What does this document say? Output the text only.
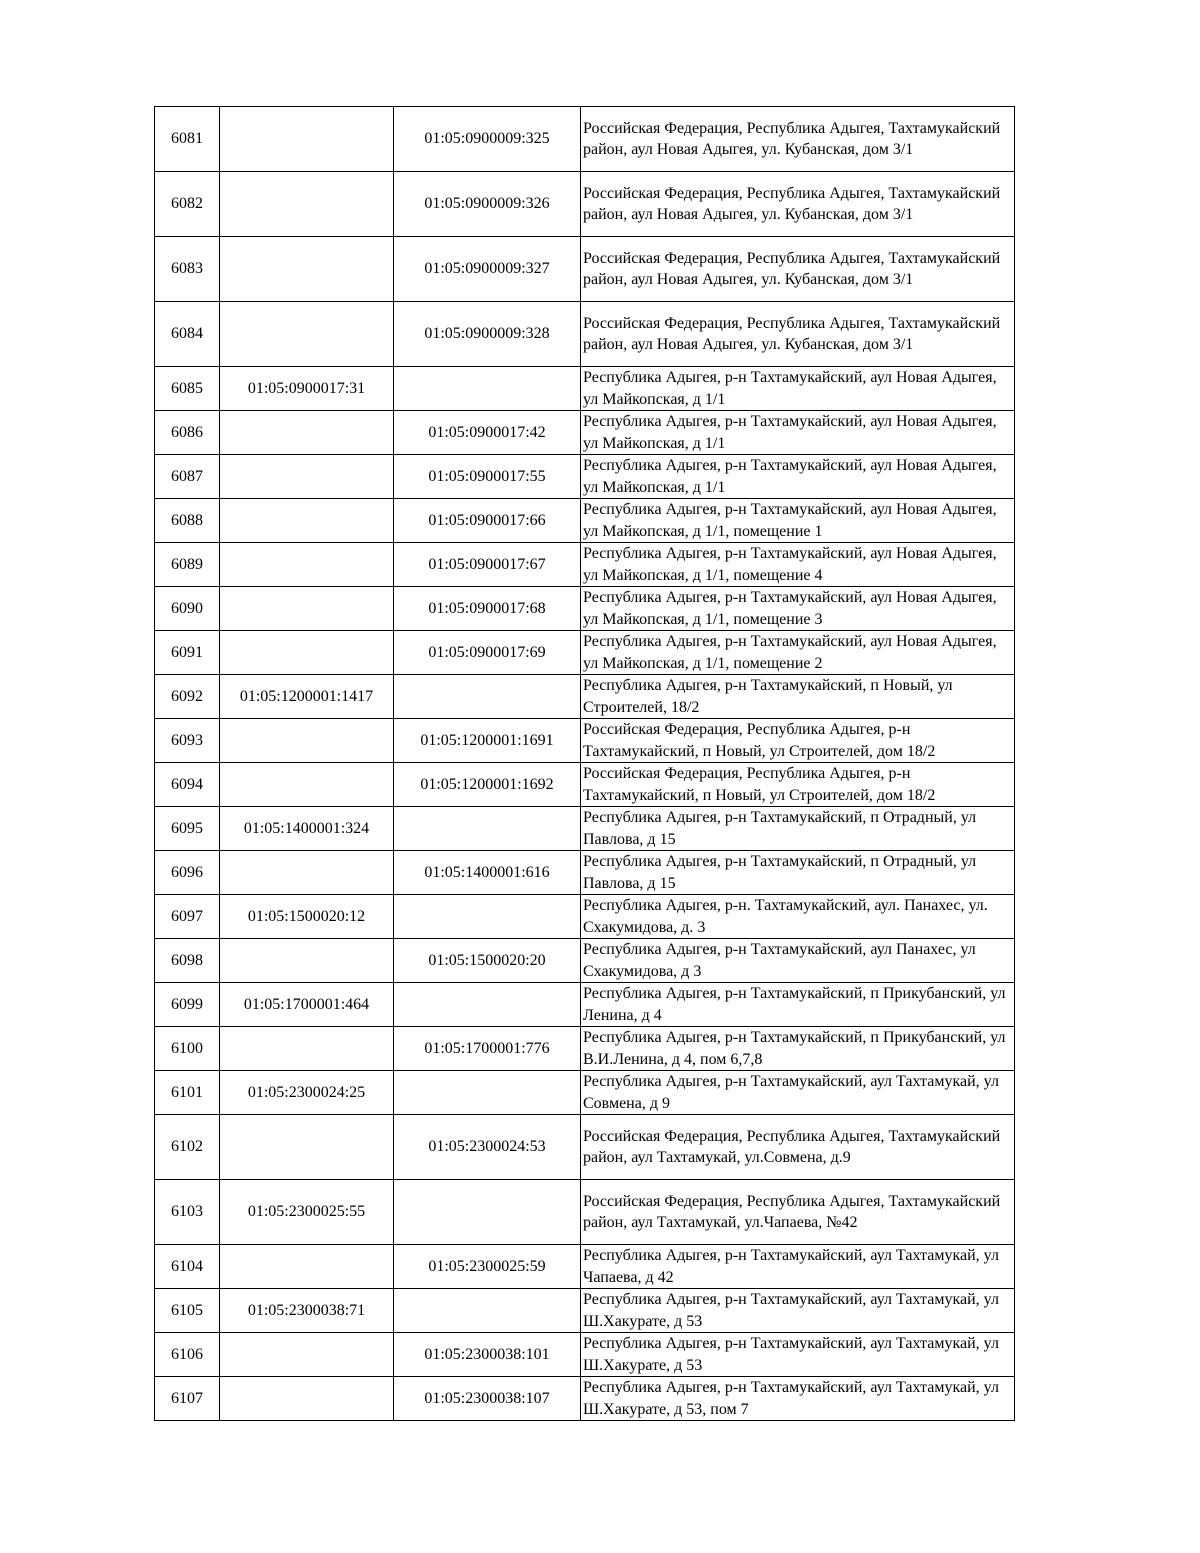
6081		01:05:0900009:325	Российская Федерация, Республика Адыгея, Тахтамукайский район, аул Новая Адыгея, ул. Кубанская, дом 3/1
6082		01:05:0900009:326	Российская Федерация, Республика Адыгея, Тахтамукайский район, аул Новая Адыгея, ул. Кубанская, дом 3/1
6083		01:05:0900009:327	Российская Федерация, Республика Адыгея, Тахтамукайский район, аул Новая Адыгея, ул. Кубанская, дом 3/1
6084		01:05:0900009:328	Российская Федерация, Республика Адыгея, Тахтамукайский район, аул Новая Адыгея, ул. Кубанская, дом 3/1
6085	01:05:0900017:31		Республика Адыгея, р-н Тахтамукайский, аул Новая Адыгея, ул Майкопская, д 1/1
6086		01:05:0900017:42	Республика Адыгея, р-н Тахтамукайский, аул Новая Адыгея, ул Майкопская, д 1/1
6087		01:05:0900017:55	Республика Адыгея, р-н Тахтамукайский, аул Новая Адыгея, ул Майкопская, д 1/1
6088		01:05:0900017:66	Республика Адыгея, р-н Тахтамукайский, аул Новая Адыгея, ул Майкопская, д 1/1, помещение 1
6089		01:05:0900017:67	Республика Адыгея, р-н Тахтамукайский, аул Новая Адыгея, ул Майкопская, д 1/1, помещение 4
6090		01:05:0900017:68	Республика Адыгея, р-н Тахтамукайский, аул Новая Адыгея, ул Майкопская, д 1/1, помещение 3
6091		01:05:0900017:69	Республика Адыгея, р-н Тахтамукайский, аул Новая Адыгея, ул Майкопская, д 1/1, помещение 2
6092	01:05:1200001:1417		Республика Адыгея, р-н Тахтамукайский, п Новый, ул Строителей, 18/2
6093		01:05:1200001:1691	Российская Федерация, Республика Адыгея, р-н Тахтамукайский, п Новый, ул Строителей, дом 18/2
6094		01:05:1200001:1692	Российская Федерация, Республика Адыгея, р-н Тахтамукайский, п Новый, ул Строителей, дом 18/2
6095	01:05:1400001:324		Республика Адыгея, р-н Тахтамукайский, п Отрадный, ул Павлова, д 15
6096		01:05:1400001:616	Республика Адыгея, р-н Тахтамукайский, п Отрадный, ул Павлова, д 15
6097	01:05:1500020:12		Республика Адыгея, р-н. Тахтамукайский, аул. Панахес, ул. Схакумидова, д. 3
6098		01:05:1500020:20	Республика Адыгея, р-н Тахтамукайский, аул Панахес, ул Схакумидова, д 3
6099	01:05:1700001:464		Республика Адыгея, р-н Тахтамукайский, п Прикубанский, ул Ленина, д 4
6100		01:05:1700001:776	Республика Адыгея, р-н Тахтамукайский, п Прикубанский, ул В.И.Ленина, д 4, пом 6,7,8
6101	01:05:2300024:25		Республика Адыгея, р-н Тахтамукайский, аул Тахтамукай, ул Совмена, д 9
6102		01:05:2300024:53	Российская Федерация, Республика Адыгея, Тахтамукайский район, аул Тахтамукай, ул.Совмена, д.9
6103	01:05:2300025:55		Российская Федерация, Республика Адыгея, Тахтамукайский район, аул Тахтамукай, ул.Чапаева, №42
6104		01:05:2300025:59	Республика Адыгея, р-н Тахтамукайский, аул Тахтамукай, ул Чапаева, д 42
6105	01:05:2300038:71		Республика Адыгея, р-н Тахтамукайский, аул Тахтамукай, ул Ш.Хакурате, д 53
6106		01:05:2300038:101	Республика Адыгея, р-н Тахтамукайский, аул Тахтамукай, ул Ш.Хакурате, д 53
6107		01:05:2300038:107	Республика Адыгея, р-н Тахтамукайский, аул Тахтамукай, ул Ш.Хакурате, д 53, пом 7
